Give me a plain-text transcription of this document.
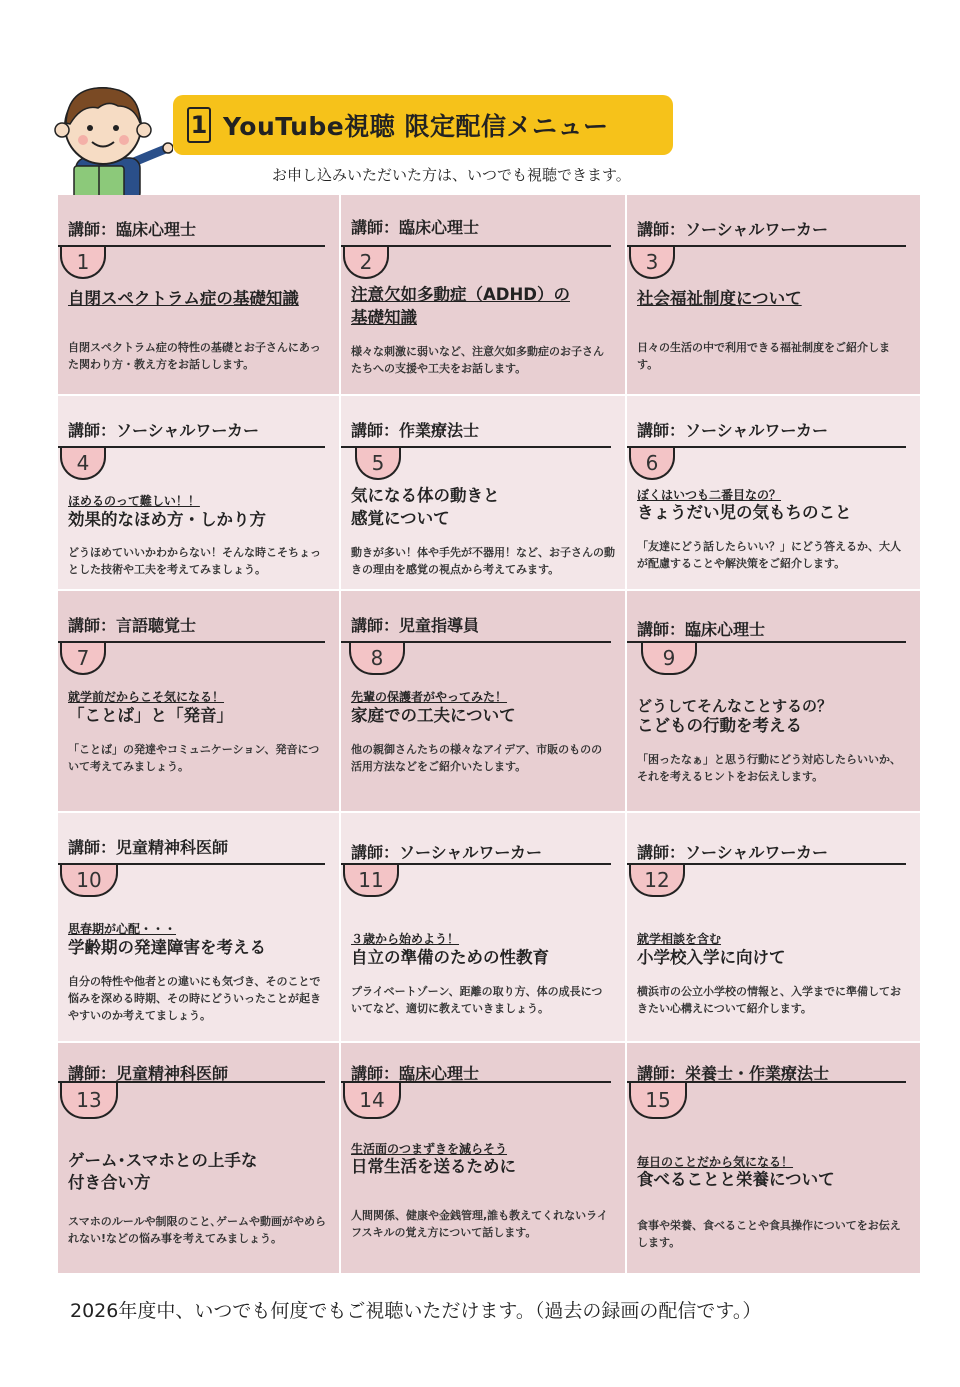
1 YouTube視聴 限定配信メニュー
お申し込みいただいた方は、いつでも視聴できます。
講師：臨床心理士
1
自閉スペクトラム症の基礎知識
自閉スペクトラム症の特性の基礎とお子さんにあった関わり方・教え方をお話しします。
講師：臨床心理士
2
注意欠如多動症（ADHD）の
基礎知識
様々な刺激に弱いなど、注意欠如多動症のお子さんたちへの支援や工夫をお話します。
講師：ソーシャルワーカー
3
社会福祉制度について
日々の生活の中で利用できる福祉制度をご紹介します。
講師：ソーシャルワーカー
4
ほめるのって難しい！！
効果的なほめ方・しかり方
どうほめていいかわからない！そんな時こそちょっとした技術や工夫を考えてみましょう。
講師：作業療法士
5
気になる体の動きと
感覚について
動きが多い！体や手先が不器用！など、お子さんの動きの理由を感覚の視点から考えてみます。
講師：ソーシャルワーカー
6
ぼくはいつも二番目なの？
きょうだい児の気もちのこと
「友達にどう話したらいい？」にどう答えるか、大人が配慮することや解決策をご紹介します。
講師：言語聴覚士
7
就学前だからこそ気になる！
「ことば」と「発音」
「ことば」の発達やコミュニケーション、発音について考えてみましょう。
講師：児童指導員
8
先輩の保護者がやってみた！
家庭での工夫について
他の親御さんたちの様々なアイデア、市販のものの活用方法などをご紹介いたします。
講師：臨床心理士
9
どうしてそんなことするの？
こどもの行動を考える
「困ったなぁ」と思う行動にどう対応したらいいか、それを考えるヒントをお伝えします。
講師：児童精神科医師
10
思春期が心配・・・
学齢期の発達障害を考える
自分の特性や他者との違いにも気づき、そのことで悩みを深める時期、その時にどういったことが起きやすいのか考えてましょう。
講師：ソーシャルワーカー
11
３歳から始めよう！
自立の準備のための性教育
プライベートゾーン、距離の取り方、体の成長についてなど、適切に教えていきましょう。
講師：ソーシャルワーカー
12
就学相談を含む
小学校入学に向けて
横浜市の公立小学校の情報と、入学までに準備しておきたい心構えについて紹介します。
講師：児童精神科医師
13
ゲーム･スマホとの上手な
付き合い方
スマホのルールや制限のこと､ゲームや動画がやめられない!などの悩み事を考えてみましょう。
講師：臨床心理士
14
生活面のつまずきを減らそう
日常生活を送るために
人間関係、健康や金銭管理,誰も教えてくれないライフスキルの覚え方について話します。
講師：栄養士・作業療法士
15
毎日のことだから気になる！
食べることと栄養について
食事や栄養、食べることや食具操作についてをお伝えします。
2026年度中、いつでも何度でもご視聴いただけます。（過去の録画の配信です。）
